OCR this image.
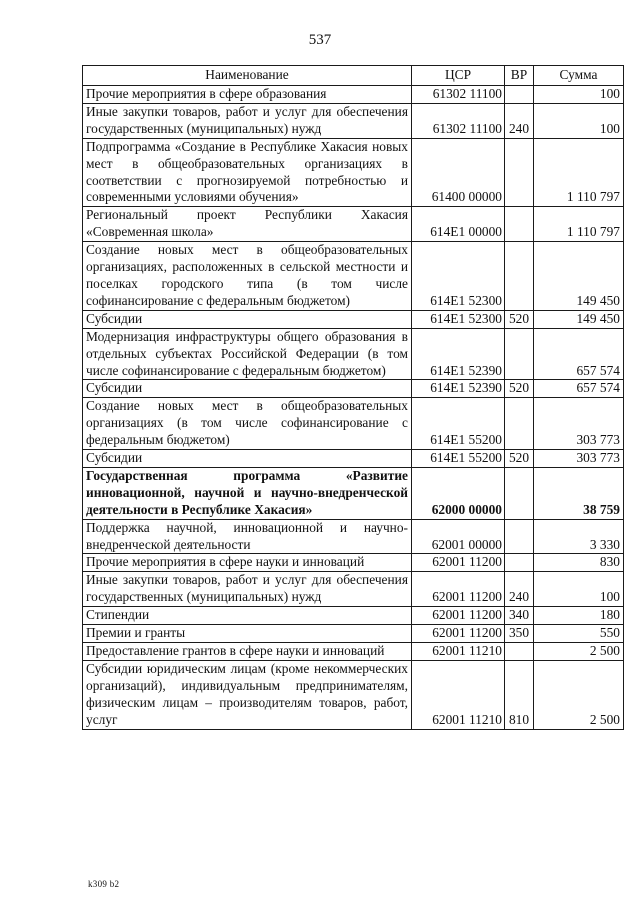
537
Наименование	ЦСР	ВР	Сумма
Прочие мероприятия в сфере образования	61302 11100		100
Иные закупки товаров, работ и услуг для обеспечения государственных (муниципальных) нужд	61302 11100	240	100
Подпрограмма «Создание в Республике Хакасия новых мест в общеобразовательных организациях в соответствии с прогнозируемой потребностью и современными условиями обучения»	61400 00000		1 110 797
Региональный проект Республики Хакасия «Современная школа»	614Е1 00000		1 110 797
Создание новых мест в общеобразовательных организациях, расположенных в сельской местности и поселках городского типа (в том числе софинансирование с федеральным бюджетом)	614Е1 52300		149 450
Субсидии	614Е1 52300	520	149 450
Модернизация инфраструктуры общего образования в отдельных субъектах Российской Федерации (в том числе софинансирование с федеральным бюджетом)	614Е1 52390		657 574
Субсидии	614Е1 52390	520	657 574
Создание новых мест в общеобразовательных организациях (в том числе софинансирование с федеральным бюджетом)	614Е1 55200		303 773
Субсидии	614Е1 55200	520	303 773
Государственная программа «Развитие инновационной, научной и научно-внедренческой деятельности в Республике Хакасия»	62000 00000		38 759
Поддержка научной, инновационной и научно-внедренческой деятельности	62001 00000		3 330
Прочие мероприятия в сфере науки и инноваций	62001 11200		830
Иные закупки товаров, работ и услуг для обеспечения государственных (муниципальных) нужд	62001 11200	240	100
Стипендии	62001 11200	340	180
Премии и гранты	62001 11200	350	550
Предоставление грантов в сфере науки и инноваций	62001 11210		2 500
Субсидии юридическим лицам (кроме некоммерческих организаций), индивидуальным предпринимателям, физическим лицам – производителям товаров, работ, услуг	62001 11210	810	2 500
k309 b2
